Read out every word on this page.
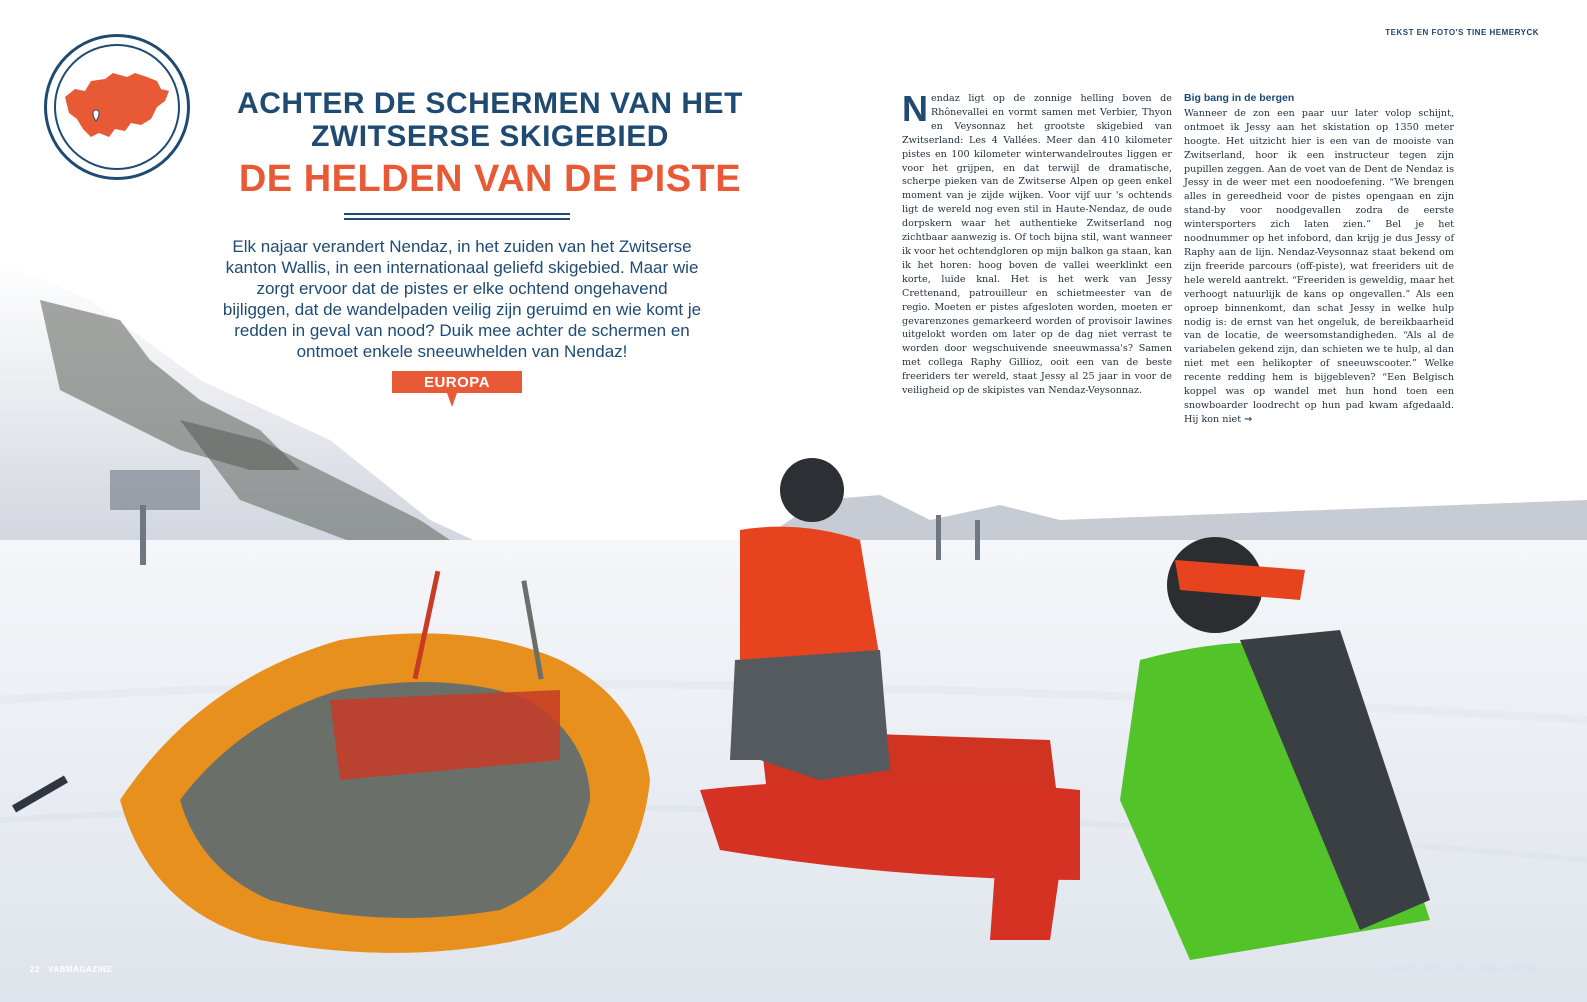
TEKST EN FOTO'S TINE HEMERYCK
ACHTER DE SCHERMEN VAN HET
ZWITSERSE SKIGEBIED
DE HELDEN VAN DE PISTE
Elk najaar verandert Nendaz, in het zuiden van het Zwitserse kanton Wallis, in een internationaal geliefd skigebied. Maar wie zorgt ervoor dat de pistes er elke ochtend ongehavend bijliggen, dat de wandelpaden veilig zijn geruimd en wie komt je redden in geval van nood? Duik mee achter de schermen en ontmoet enkele sneeuwhelden van Nendaz!
EUROPA
Nendaz ligt op de zonnige helling boven de Rhônevallei en vormt samen met Verbier, Thyon en Veysonnaz het grootste skigebied van Zwitserland: Les 4 Vallées. Meer dan 410 kilometer pistes en 100 kilometer winterwandelroutes liggen er voor het grijpen, en dat terwijl de dramatische, scherpe pieken van de Zwitserse Alpen op geen enkel moment van je zijde wijken. Voor vijf uur 's ochtends ligt de wereld nog even stil in Haute-Nendaz, de oude dorpskern waar het authentieke Zwitserland nog zichtbaar aanwezig is. Of toch bijna stil, want wanneer ik voor het ochtendgloren op mijn balkon ga staan, kan ik het horen: hoog boven de vallei weerklinkt een korte, luide knal. Het is het werk van Jessy Crettenand, patrouilleur en schietmeester van de regio. Moeten er pistes afgesloten worden, moeten er gevarenzones gemarkeerd worden of provisoir lawines uitgelokt worden om later op de dag niet verrast te worden door wegschuivende sneeuwmassa's? Samen met collega Raphy Gillioz, ooit een van de beste freeriders ter wereld, staat Jessy al 25 jaar in voor de veiligheid op de skipistes van Nendaz-Veysonnaz.
Big bang in de bergen
Wanneer de zon een paar uur later volop schijnt, ontmoet ik Jessy aan het skistation op 1350 meter hoogte. Het uitzicht hier is een van de mooiste van Zwitserland, hoor ik een instructeur tegen zijn pupillen zeggen. Aan de voet van de Dent de Nendaz is Jessy in de weer met een noodoefening. “We brengen alles in gereedheid voor de pistes opengaan en zijn stand-by voor noodgevallen zodra de eerste wintersporters zich laten zien.” Bel je het noodnummer op het infobord, dan krijg je dus Jessy of Raphy aan de lijn. Nendaz-Veysonnaz staat bekend om zijn freeride parcours (off-piste), wat freeriders uit de hele wereld aantrekt. “Freeriden is geweldig, maar het verhoogt natuurlijk de kans op ongevallen.” Als een oproep binnenkomt, dan schat Jessy in welke hulp nodig is: de ernst van het ongeluk, de bereikbaarheid van de locatie, de weersomstandigheden. “Als al de variabelen gekend zijn, dan schieten we te hulp, al dan niet met een helikopter of sneeuwscooter.” Welke recente redding hem is bijgebleven? “Een Belgisch koppel was op wandel met hun hond toen een snowboarder loodrecht op hun pad kwam afgedaald. Hij kon niet →
22 VABMAGAZINE	MAART-APRIL 2023 VABMAGAZINE
